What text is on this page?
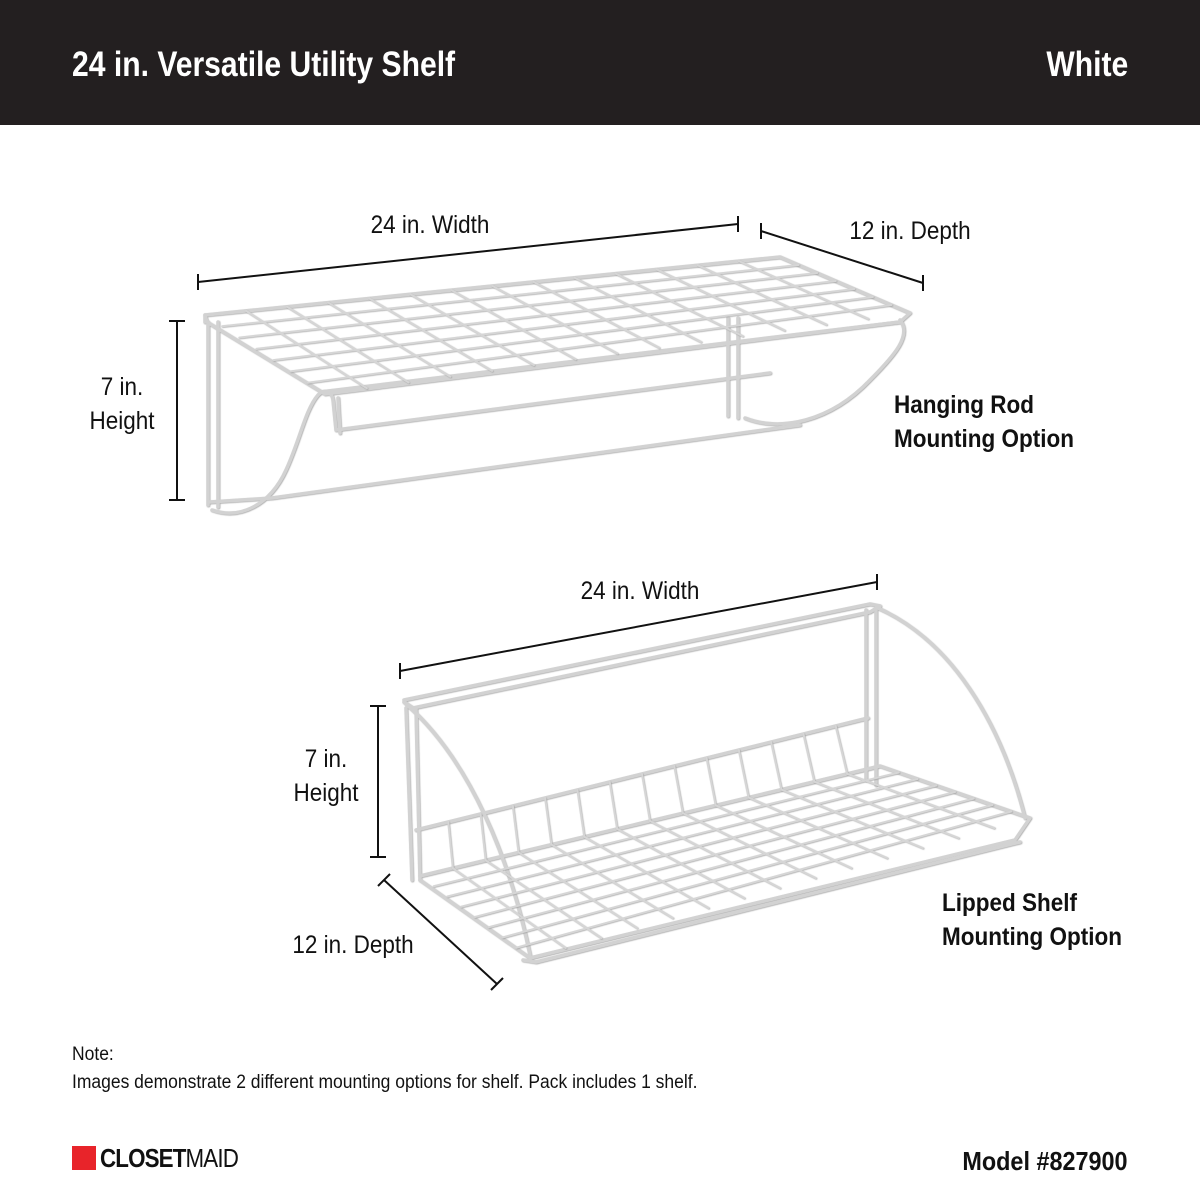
24 in. Versatile Utility Shelf	White
24 in. Width	12 in. Depth
7 in.
Height
Hanging Rod
Mounting Option
24 in. Width
7 in.
Height
12 in. Depth
Lipped Shelf
Mounting Option
Note:
Images demonstrate 2 different mounting options for shelf. Pack includes 1 shelf.
CLOSETMAID	Model #827900
